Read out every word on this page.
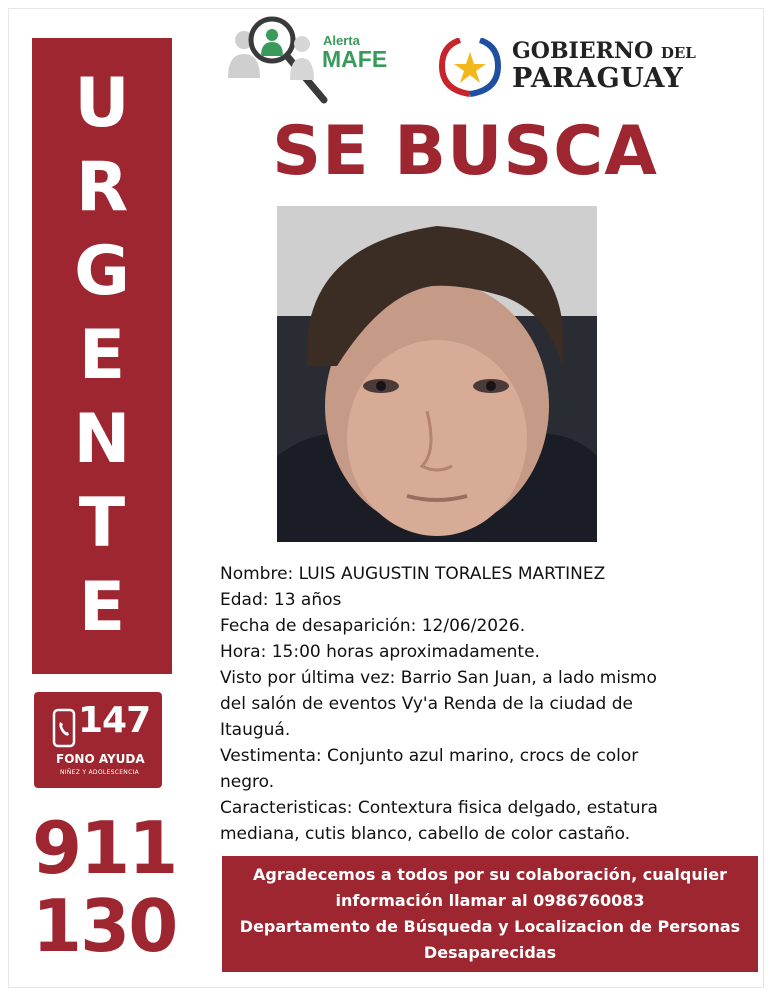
U
R
G
E
N
T
E
147
FONO AYUDA
NIÑEZ Y ADOLESCENCIA
911
130
Alerta
MAFE	GOBIERNO DEL
PARAGUAY
SE BUSCA

Nombre: LUIS AUGUSTIN TORALES MARTINEZ

Edad: 13 años

Fecha de desaparición: 12/06/2026.

Hora: 15:00 horas aproximadamente.

Visto por última vez: Barrio San Juan, a lado mismo

del salón de eventos Vy'a Renda de la ciudad de

Itauguá.

Vestimenta: Conjunto azul marino, crocs de color

negro.

Caracteristicas: Contextura fisica delgado, estatura

mediana, cutis blanco, cabello de color castaño.

Agradecemos a todos por su colaboración, cualquier
información llamar al 0986760083
Departamento de Búsqueda y Localizacion de Personas
Desaparecidas
